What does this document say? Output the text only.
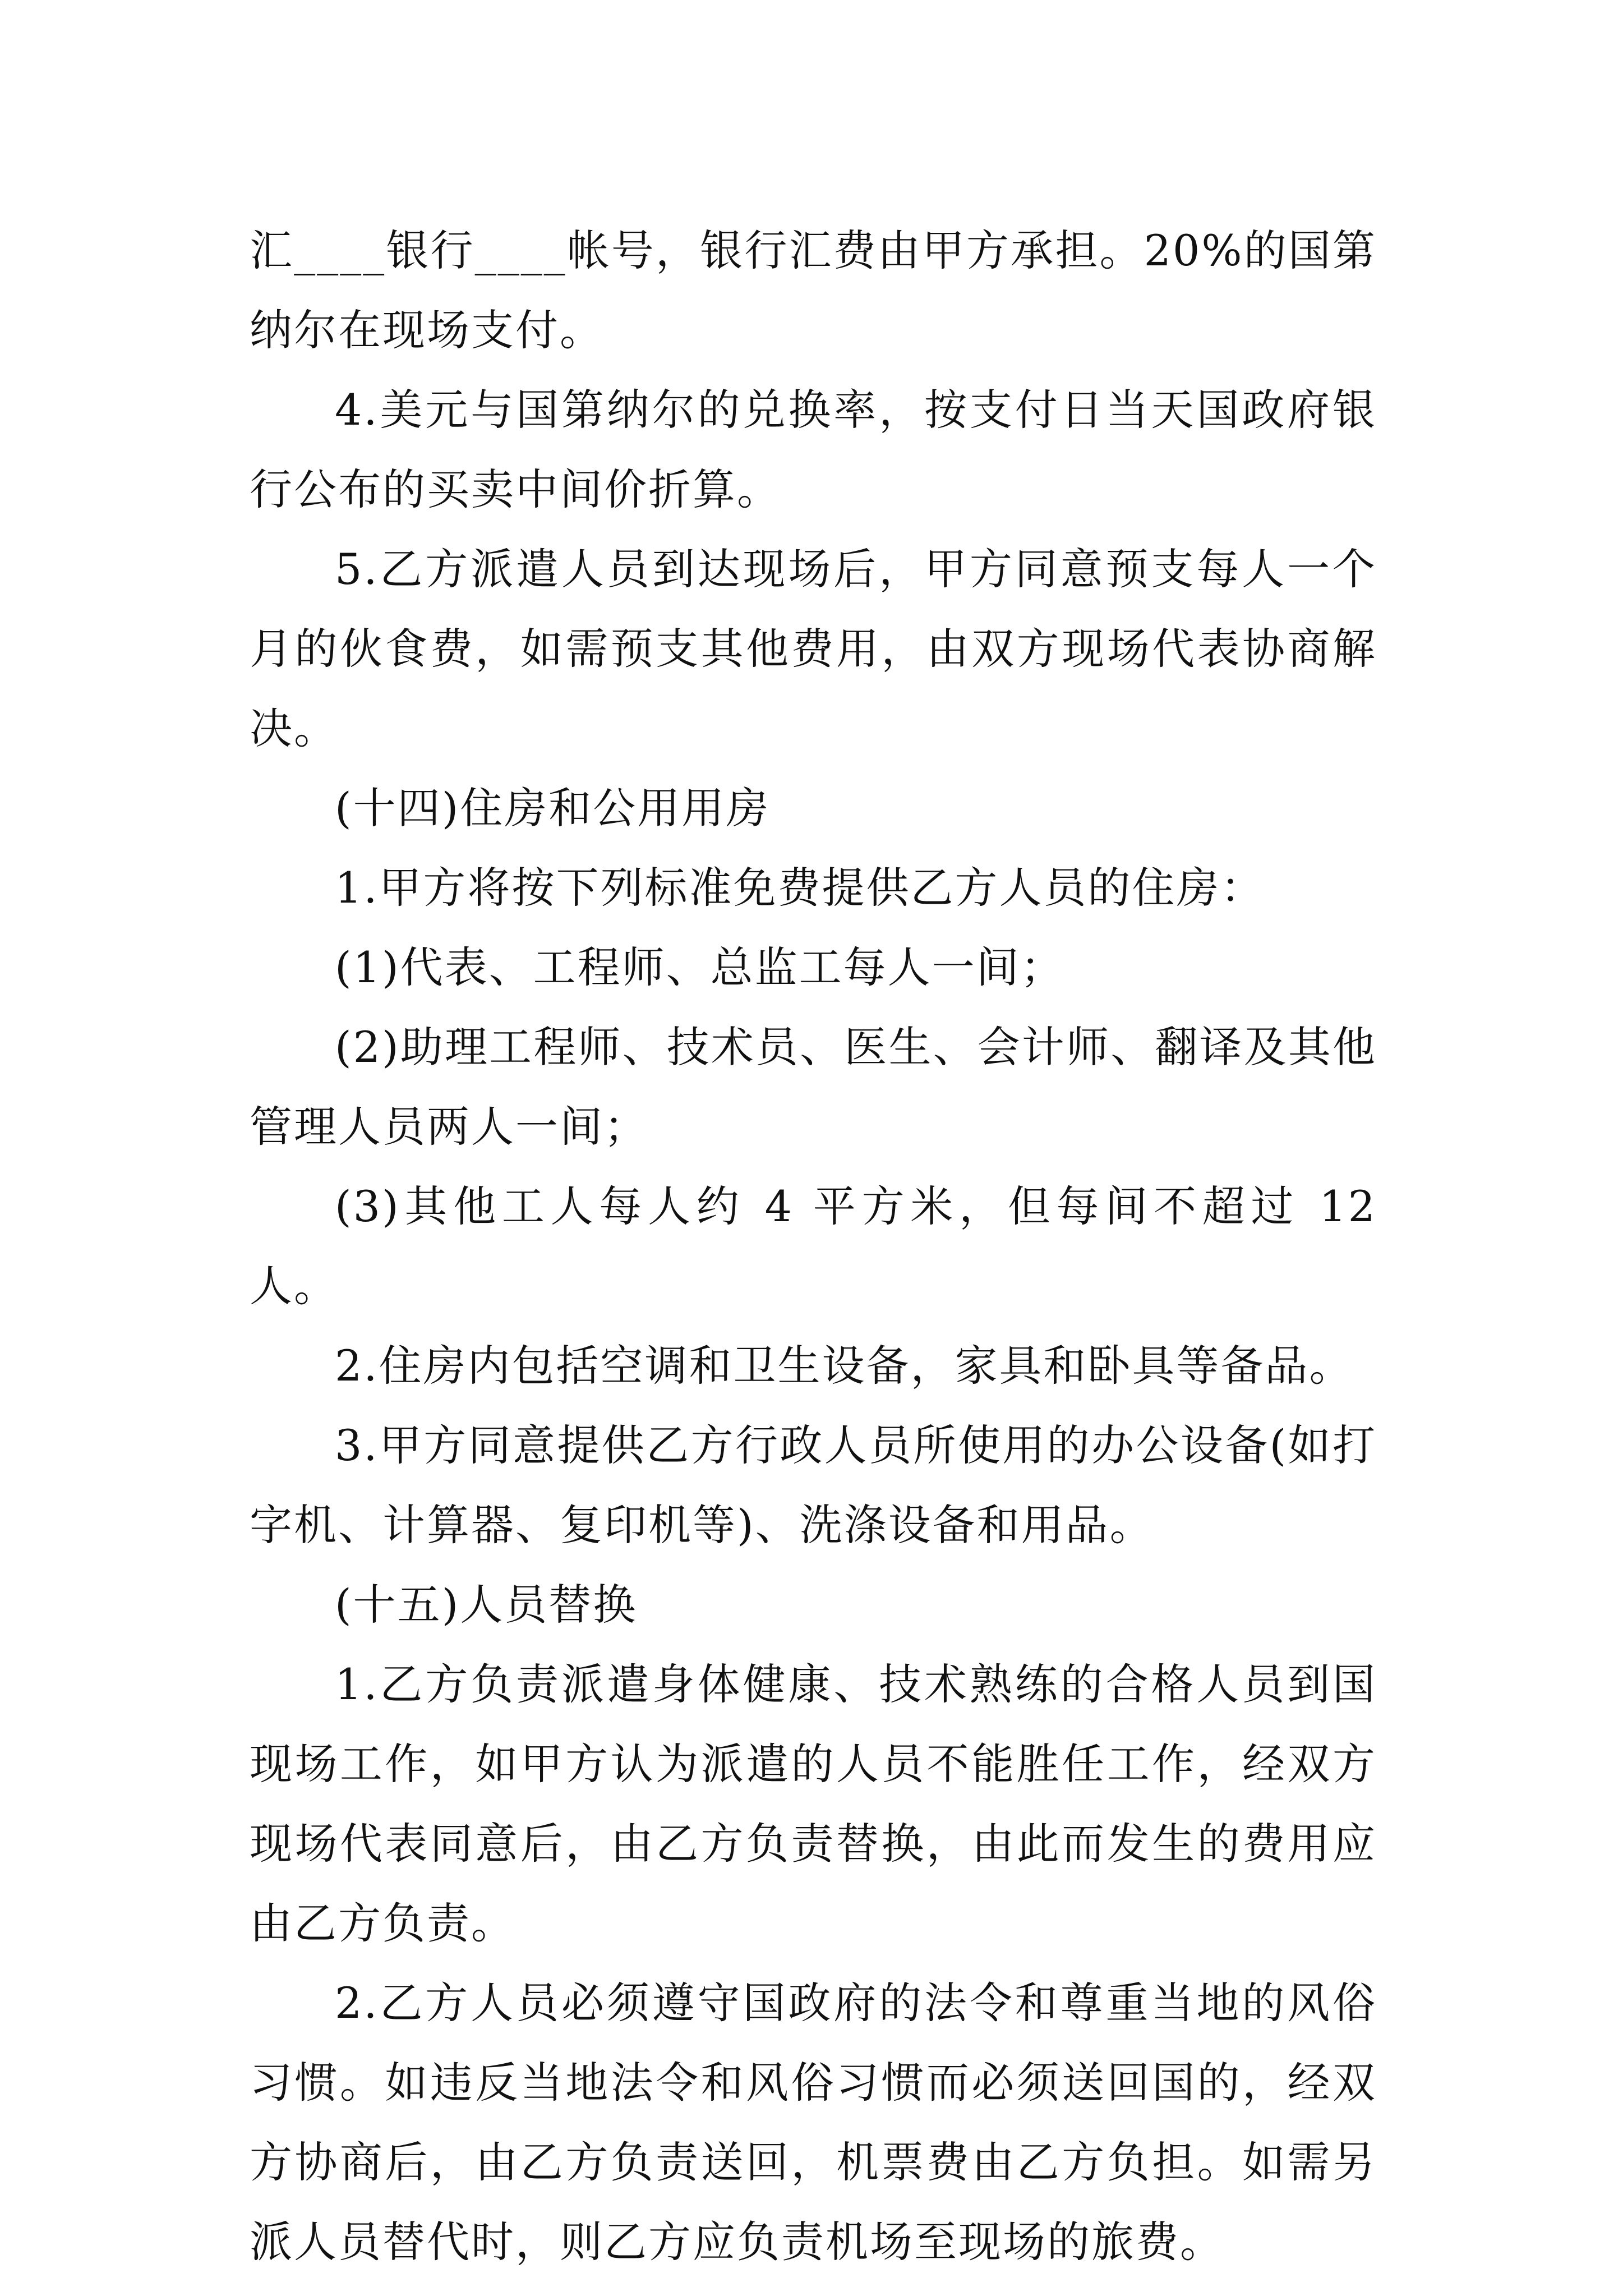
汇____银行____帐号，银行汇费由甲方承担。20%的国第纳尔在现场支付。

4.美元与国第纳尔的兑换率，按支付日当天国政府银行公布的买卖中间价折算。

5.乙方派遣人员到达现场后，甲方同意预支每人一个月的伙食费，如需预支其他费用，由双方现场代表协商解决。

(十四)住房和公用用房

1.甲方将按下列标准免费提供乙方人员的住房：

(1)代表、工程师、总监工每人一间；

(2)助理工程师、技术员、医生、会计师、翻译及其他管理人员两人一间；

(3)其他工人每人约 4 平方米，但每间不超过 12 人。

2.住房内包括空调和卫生设备，家具和卧具等备品。

3.甲方同意提供乙方行政人员所使用的办公设备(如打字机、计算器、复印机等)、洗涤设备和用品。

(十五)人员替换

1.乙方负责派遣身体健康、技术熟练的合格人员到国现场工作，如甲方认为派遣的人员不能胜任工作，经双方现场代表同意后，由乙方负责替换，由此而发生的费用应由乙方负责。

2.乙方人员必须遵守国政府的法令和尊重当地的风俗习惯。如违反当地法令和风俗习惯而必须送回国的，经双方协商后，由乙方负责送回，机票费由乙方负担。如需另派人员替代时，则乙方应负责机场至现场的旅费。
